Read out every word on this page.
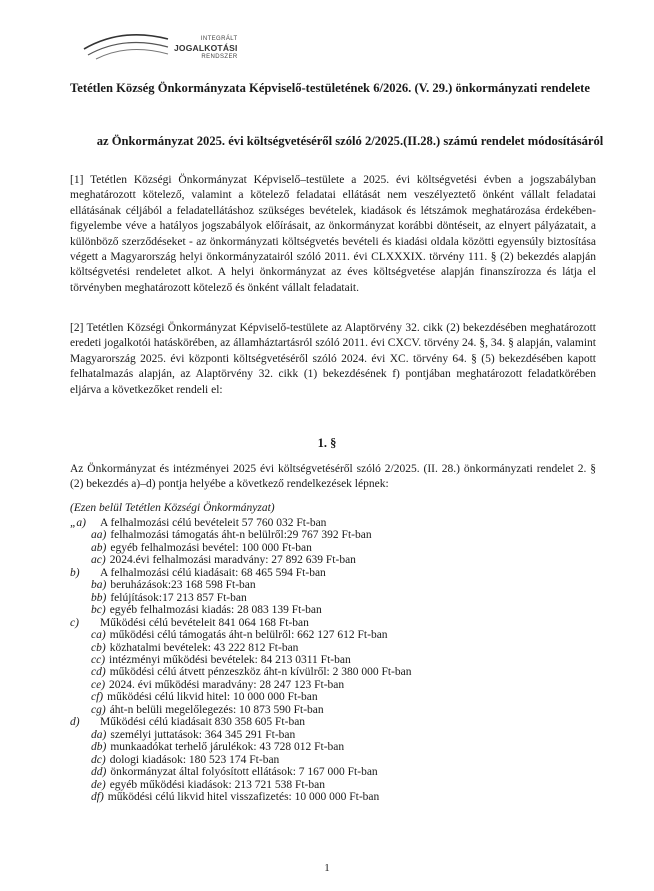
INTEGRÁLT
JOGALKOTÁSI
RENDSZER
Tetétlen Község Önkormányzata Képviselő-testületének 6/2026. (V. 29.) önkormányzati rendelete
az Önkormányzat 2025. évi költségvetéséről szóló 2/2025.(II.28.) számú rendelet módosításáról
[1] Tetétlen Községi Önkormányzat Képviselő–testülete a 2025. évi költségvetési évben a jogszabályban meghatározott kötelező, valamint a kötelező feladatai ellátását nem veszélyeztető önként vállalt feladatai ellátásának céljából a feladatellátáshoz szükséges bevételek, kiadások és létszámok meghatározása érdekében- figyelembe véve a hatályos jogszabályok előírásait, az önkormányzat korábbi döntéseit, az elnyert pályázatait, a különböző szerződéseket - az önkormányzati költségvetés bevételi és kiadási oldala közötti egyensúly biztosítása végett a Magyarország helyi önkormányzatairól szóló 2011. évi CLXXXIX. törvény 111. § (2) bekezdés alapján költségvetési rendeletet alkot. A helyi önkormányzat az éves költségvetése alapján finanszírozza és látja el törvényben meghatározott kötelező és önként vállalt feladatait.
[2] Tetétlen Községi Önkormányzat Képviselő-testülete az Alaptörvény 32. cikk (2) bekezdésében meghatározott eredeti jogalkotói hatáskörében, az államháztartásról szóló 2011. évi CXCV. törvény 24. §, 34. § alapján, valamint Magyarország 2025. évi központi költségvetéséről szóló 2024. évi XC. törvény 64. § (5) bekezdésében kapott felhatalmazás alapján, az Alaptörvény 32. cikk (1) bekezdésének f) pontjában meghatározott feladatkörében eljárva a következőket rendeli el:
1. §
Az Önkormányzat és intézményei 2025 évi költségvetéséről szóló 2/2025. (II. 28.) önkormányzati rendelet 2. § (2) bekezdés a)–d) pontja helyébe a következő rendelkezések lépnek:
(Ezen belül Tetétlen Községi Önkormányzat)
„a)	A felhalmozási célú bevételeit 57 760 032 Ft-ban
aa) felhalmozási támogatás áht-n belülről:29 767 392 Ft-ban
ab) egyéb felhalmozási bevétel: 100 000 Ft-ban
ac) 2024.évi felhalmozási maradvány: 27 892 639 Ft-ban
b)	A felhalmozási célú kiadásait: 68 465 594 Ft-ban
ba) beruházások:23 168 598 Ft-ban
bb) felújítások:17 213 857 Ft-ban
bc) egyéb felhalmozási kiadás: 28 083 139 Ft-ban
c)	Működési célú bevételeit 841 064 168 Ft-ban
ca) működési célú támogatás áht-n belülről: 662 127 612 Ft-ban
cb) közhatalmi bevételek: 43 222 812 Ft-ban
cc) intézményi működési bevételek: 84 213 0311 Ft-ban
cd) működési célú átvett pénzeszköz áht-n kívülről: 2 380 000 Ft-ban
ce) 2024. évi működési maradvány: 28 247 123 Ft-ban
cf) működési célú likvid hitel: 10 000 000 Ft-ban
cg) áht-n belüli megelőlegezés: 10 873 590 Ft-ban
d)	Működési célú kiadásait 830 358 605 Ft-ban
da) személyi juttatások: 364 345 291 Ft-ban
db) munkaadókat terhelő járulékok: 43 728 012 Ft-ban
dc) dologi kiadások: 180 523 174 Ft-ban
dd) önkormányzat által folyósított ellátások: 7 167 000 Ft-ban
de) egyéb működési kiadások: 213 721 538 Ft-ban
df) működési célú likvid hitel visszafizetés: 10 000 000 Ft-ban
1
